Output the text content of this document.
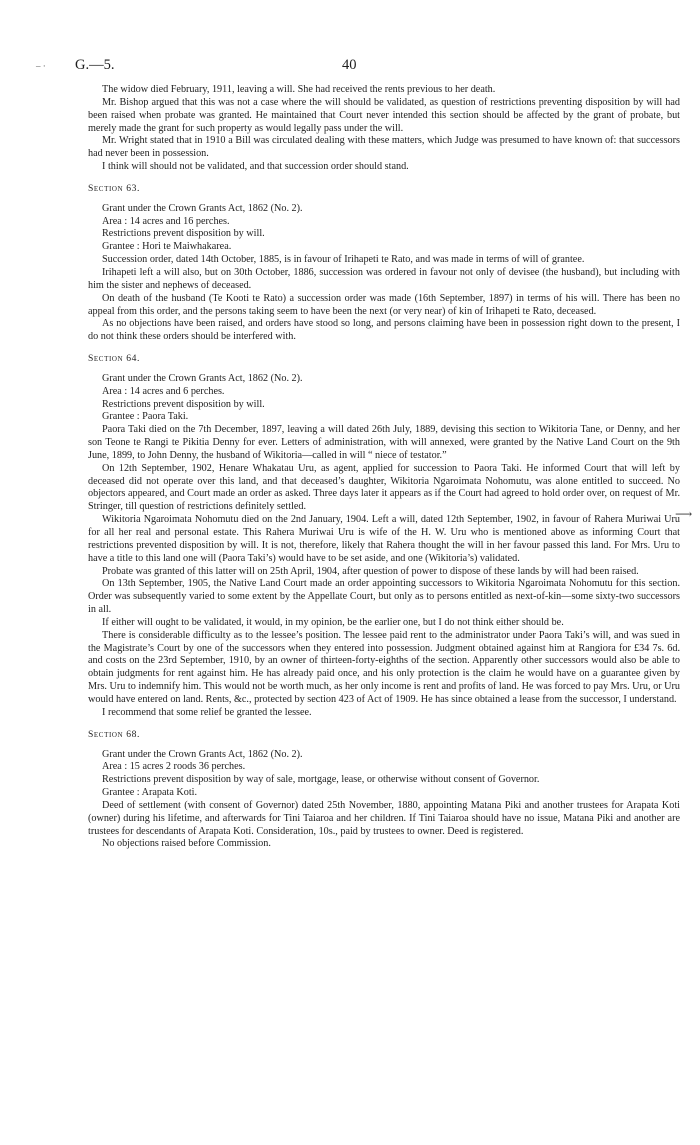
– · G.—5.	40
⟶

The widow died February, 1911, leaving a will. She had received the rents previous to her death.

Mr. Bishop argued that this was not a case where the will should be validated, as question of restrictions preventing disposition by will had been raised when probate was granted. He maintained that Court never intended this section should be affected by the grant of probate, but merely made the grant for such property as would legally pass under the will.

Mr. Wright stated that in 1910 a Bill was circulated dealing with these matters, which Judge was presumed to have known of: that successors had never been in possession.

I think will should not be validated, and that succession order should stand.

Section 63.

Grant under the Crown Grants Act, 1862 (No. 2).

Area : 14 acres and 16 perches.

Restrictions prevent disposition by will.

Grantee : Hori te Maiwhakarea.

Succession order, dated 14th October, 1885, is in favour of Irihapeti te Rato, and was made in terms of will of grantee.

Irihapeti left a will also, but on 30th October, 1886, succession was ordered in favour not only of devisee (the husband), but including with him the sister and nephews of deceased.

On death of the husband (Te Kooti te Rato) a succession order was made (16th September, 1897) in terms of his will. There has been no appeal from this order, and the persons taking seem to have been the next (or very near) of kin of Irihapeti te Rato, deceased.

As no objections have been raised, and orders have stood so long, and persons claiming have been in possession right down to the present, I do not think these orders should be interfered with.

Section 64.

Grant under the Crown Grants Act, 1862 (No. 2).

Area : 14 acres and 6 perches.

Restrictions prevent disposition by will.

Grantee : Paora Taki.

Paora Taki died on the 7th December, 1897, leaving a will dated 26th July, 1889, devising this section to Wikitoria Tane, or Denny, and her son Teone te Rangi te Pikitia Denny for ever. Letters of administration, with will annexed, were granted by the Native Land Court on the 9th June, 1899, to John Denny, the husband of Wikitoria—called in will “ niece of testator.”

On 12th September, 1902, Henare Whakatau Uru, as agent, applied for succession to Paora Taki. He informed Court that will left by deceased did not operate over this land, and that deceased’s daughter, Wikitoria Ngaroimata Nohomutu, was alone entitled to succeed. No objectors appeared, and Court made an order as asked. Three days later it appears as if the Court had agreed to hold order over, on request of Mr. Stringer, till question of restrictions definitely settled.

Wikitoria Ngaroimata Nohomutu died on the 2nd January, 1904. Left a will, dated 12th September, 1902, in favour of Rahera Muriwai Uru for all her real and personal estate. This Rahera Muriwai Uru is wife of the H. W. Uru who is mentioned above as informing Court that restrictions prevented disposition by will. It is not, therefore, likely that Rahera thought the will in her favour passed this land. For Mrs. Uru to have a title to this land one will (Paora Taki’s) would have to be set aside, and one (Wikitoria’s) validated.

Probate was granted of this latter will on 25th April, 1904, after question of power to dispose of these lands by will had been raised.

On 13th September, 1905, the Native Land Court made an order appointing successors to Wikitoria Ngaroimata Nohomutu for this section. Order was subsequently varied to some extent by the Appellate Court, but only as to persons entitled as next-of-kin—some sixty-two successors in all.

If either will ought to be validated, it would, in my opinion, be the earlier one, but I do not think either should be.

There is considerable difficulty as to the lessee’s position. The lessee paid rent to the administrator under Paora Taki’s will, and was sued in the Magistrate’s Court by one of the successors when they entered into possession. Judgment obtained against him at Rangiora for £34 7s. 6d. and costs on the 23rd September, 1910, by an owner of thirteen-forty-eighths of the section. Apparently other successors would also be able to obtain judgments for rent against him. He has already paid once, and his only protection is the claim he would have on a guarantee given by Mrs. Uru to indemnify him. This would not be worth much, as her only income is rent and profits of land. He was forced to pay Mrs. Uru, or Uru would have entered on land. Rents, &c., protected by section 423 of Act of 1909. He has since obtained a lease from the successor, I understand.

I recommend that some relief be granted the lessee.

Section 68.

Grant under the Crown Grants Act, 1862 (No. 2).

Area : 15 acres 2 roods 36 perches.

Restrictions prevent disposition by way of sale, mortgage, lease, or otherwise without consent of Governor.

Grantee : Arapata Koti.

Deed of settlement (with consent of Governor) dated 25th November, 1880, appointing Matana Piki and another trustees for Arapata Koti (owner) during his lifetime, and afterwards for Tini Taiaroa and her children. If Tini Taiaroa should have no issue, Matana Piki and another are trustees for descendants of Arapata Koti. Consideration, 10s., paid by trustees to owner. Deed is registered.

No objections raised before Commission.
